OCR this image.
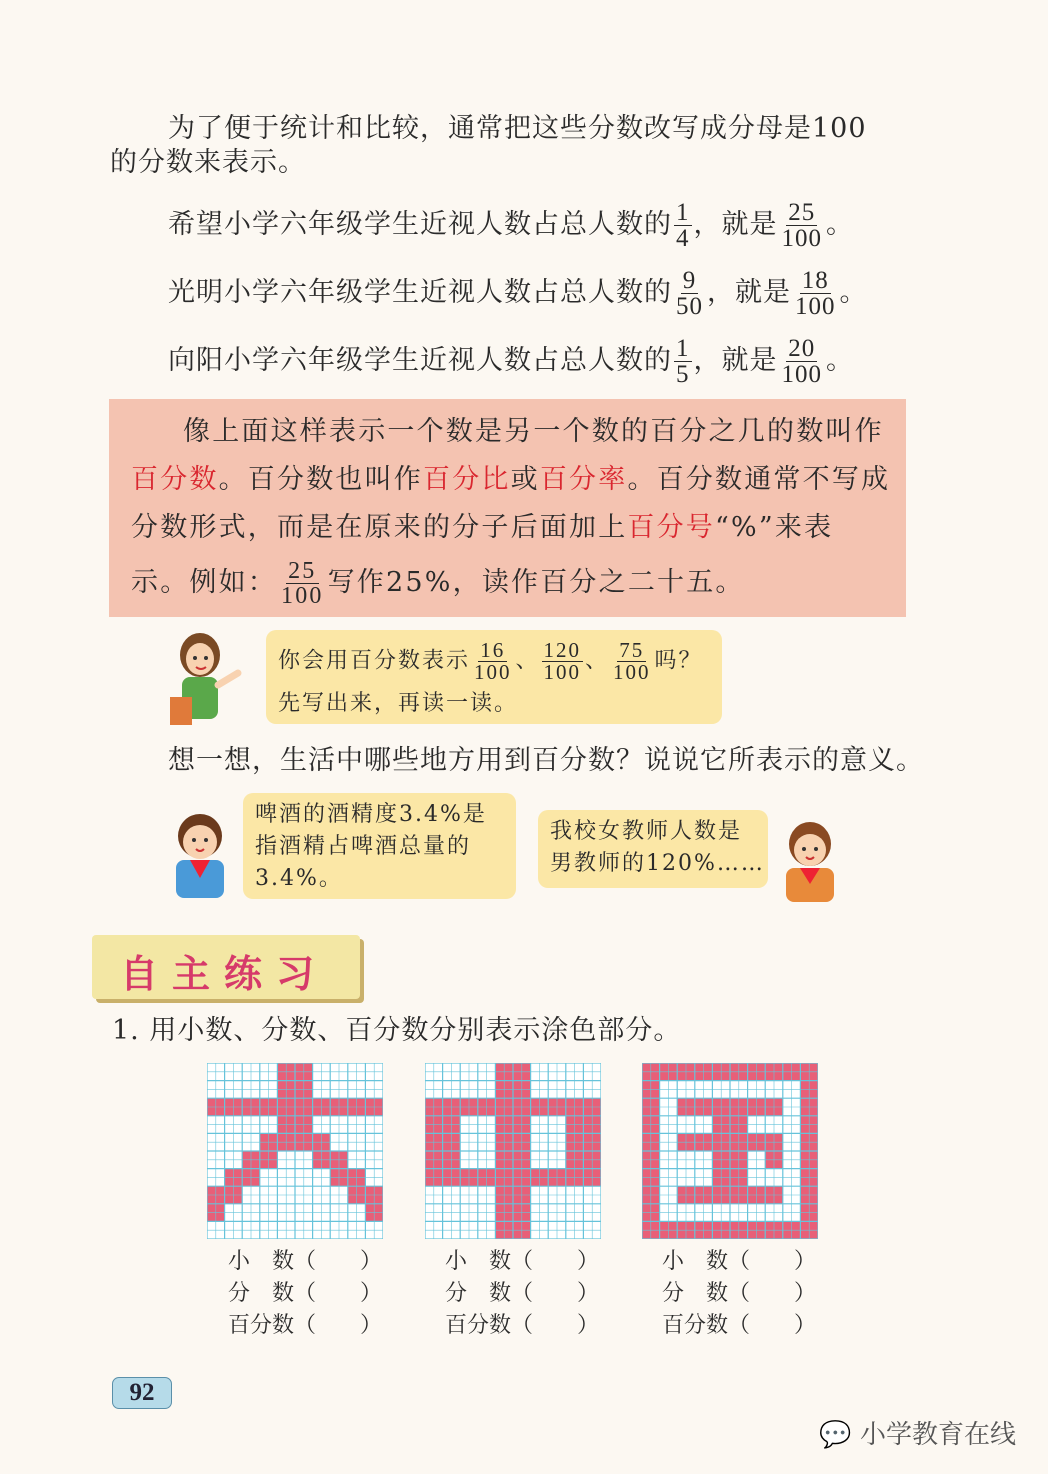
为了便于统计和比较，通常把这些分数改写成分母是100
的分数来表示。
希望小学六年级学生近视人数占总人数的 $\frac{1}{4}$ ，就是 $\frac{25}{100}$ 。
光明小学六年级学生近视人数占总人数的 $\frac{9}{50}$ ，就是 $\frac{18}{100}$ 。
向阳小学六年级学生近视人数占总人数的 $\frac{1}{5}$ ，就是 $\frac{20}{100}$ 。
像上面这样表示一个数是另一个数的百分之几的数叫作
百分数。百分数也叫作百分比或百分率。百分数通常不写成
分数形式，而是在原来的分子后面加上百分号“%”来表
示。例如： $\frac{25}{100}$ 写作25%，读作百分之二十五。
你会用百分数表示 $\frac{16}{100}$ 、 $\frac{120}{100}$ 、 $\frac{75}{100}$ 吗？
先写出来，再读一读。
想一想，生活中哪些地方用到百分数？说说它所表示的意义。
啤酒的酒精度3.4%是
指酒精占啤酒总量的
3.4%。
我校女教师人数是
男教师的120%……
自主练习
1. 用小数、分数、百分数分别表示涂色部分。
小　数（　　）
分　数（　　）
百分数（　　）
小　数（　　）
分　数（　　）
百分数（　　）
小　数（　　）
分　数（　　）
百分数（　　）
92
💬 小学教育在线
